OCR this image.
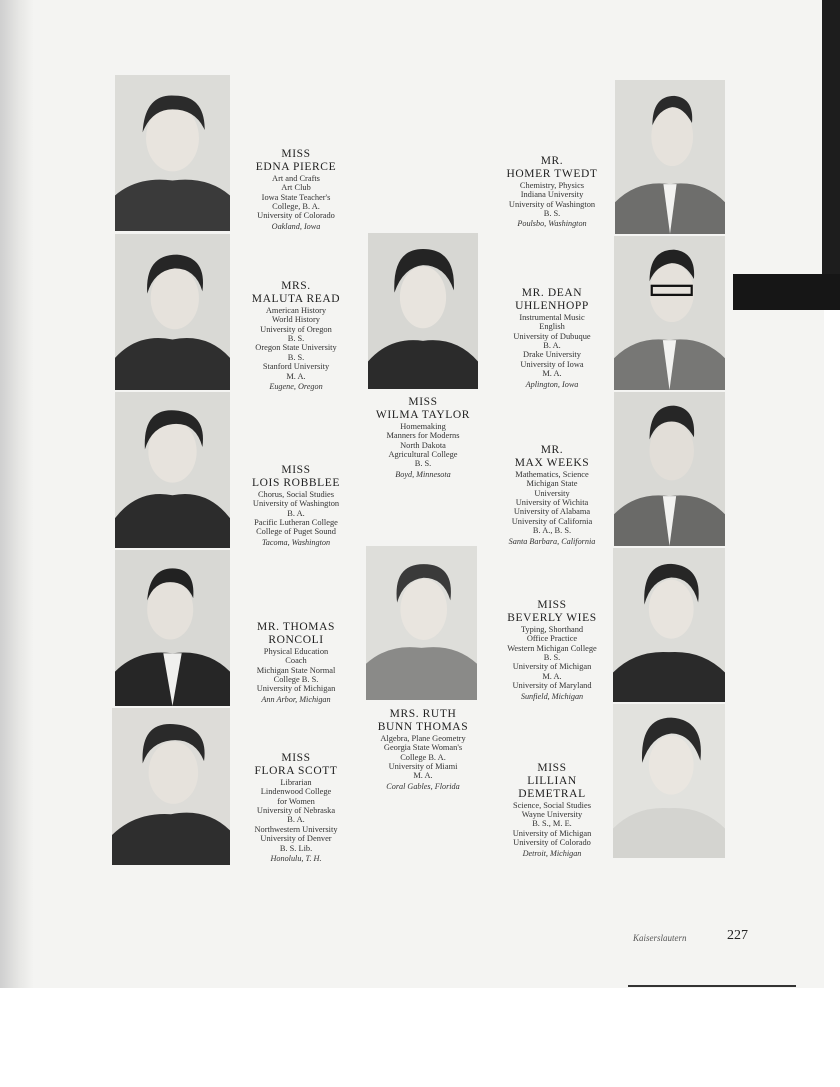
MISS
EDNA PIERCE
Art and Crafts
Art Club
Iowa State Teacher's
College, B. A.
University of Colorado
Oakland, Iowa
MRS.
MALUTA READ
American History
World History
University of Oregon
B. S.
Oregon State University
B. S.
Stanford University
M. A.
Eugene, Oregon
MISS
LOIS ROBBLEE
Chorus, Social Studies
University of Washington
B. A.
Pacific Lutheran College
College of Puget Sound
Tacoma, Washington
MR. THOMAS
RONCOLI
Physical Education
Coach
Michigan State Normal
College B. S.
University of Michigan
Ann Arbor, Michigan
MISS
FLORA SCOTT
Librarian
Lindenwood College
for Women
University of Nebraska
B. A.
Northwestern University
University of Denver
B. S. Lib.
Honolulu, T. H.
MISS
WILMA TAYLOR
Homemaking
Manners for Moderns
North Dakota
Agricultural College
B. S.
Boyd, Minnesota
MRS. RUTH
BUNN THOMAS
Algebra, Plane Geometry
Georgia State Woman's
College B. A.
University of Miami
M. A.
Coral Gables, Florida
MR.
HOMER TWEDT
Chemistry, Physics
Indiana University
University of Washington
B. S.
Poulsbo, Washington
MR. DEAN
UHLENHOPP
Instrumental Music
English
University of Dubuque
B. A.
Drake University
University of Iowa
M. A.
Aplington, Iowa
MR.
MAX WEEKS
Mathematics, Science
Michigan State
University
University of Wichita
University of Alabama
University of California
B. A., B. S.
Santa Barbara, California
MISS
BEVERLY WIES
Typing, Shorthand
Office Practice
Western Michigan College
B. S.
University of Michigan
M. A.
University of Maryland
Sunfield, Michigan
MISS
LILLIAN
DEMETRAL
Science, Social Studies
Wayne University
B. S., M. E.
University of Michigan
University of Colorado
Detroit, Michigan
Kaiserslautern	227
